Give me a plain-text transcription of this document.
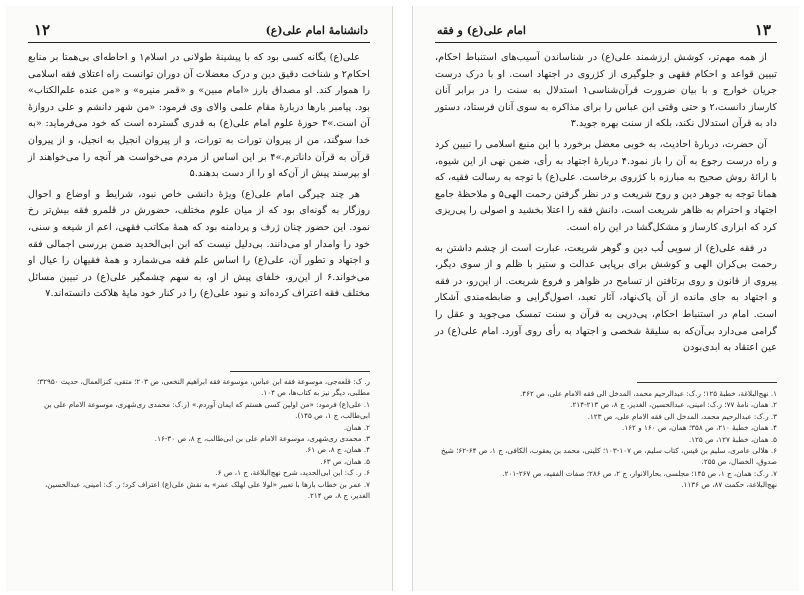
۱۲	دانشنامهٔ امام علی(ع)

علی(ع) یگانه کسی بود که با پیشینهٔ طولانی در اسلام۱ و احاطه‌ای بی‌همتا بر منابع احکام۲ و شناخت دقیق دین و درک معضلات آن دوران توانست راه اعتلای فقه اسلامی را هموار کند. او مصداق بارز «امام مبین» و «قمر منیره» و «من عنده علم‌الکتاب» بود. پیامبر بارها دربارهٔ مقام علمی والای وی فرمود: «من شهر دانشم و علی دروازهٔ آن است.»۳ حوزهٔ علوم امام علی(ع) به قدری گسترده است که خود می‌فرماید: «به خدا سوگند، من از پیروان تورات به تورات، و از پیروان انجیل به انجیل، و از پیروان قرآن به قرآن داناترم.»۴ بر این اساس از مردم می‌خواست هر آنچه را می‌خواهند از او بپرسند پیش از آن‌که او را از دست بدهند.۵

هر چند چیرگی امام علی(ع) ویژهٔ دانشی خاص نبود، شرایط و اوضاع و احوال روزگار به گونه‌ای بود که از میان علوم مختلف، حضورش در قلمرو فقه بیش‌تر رخ نمود. این حضور چنان ژرف و پردامنه بود که همهٔ مکاتب فقهی، اعم از شیعه و سنی، خود را وامدار او می‌دانند. بی‌دلیل نیست که ابن ابی‌الحدید ضمن بررسی اجمالی فقه و اجتهاد و تطور آن، علی(ع) را اساس علم فقه می‌شمارد و همهٔ فقیهان را عیال او می‌خواند.۶ از این‌رو، خلفای پیش از او، به سهم چشمگیر علی(ع) در تبیین مسائل مختلف فقه اعتراف کرده‌اند و نبود علی(ع) را در کنار خود مایهٔ هلاکت دانسته‌اند.۷

ر. ک: قلعه‌جی، موسوعة فقه ابن عباس، موسوعة فقه ابراهیم النخعی، ص ۲۰۳؛ متقی، کنزالعمال، حدیث ۳۲۹۵۰؛ مطلبی، دیگر نیز به کتاب‌ها، ص ۱۰۴.
۱. علی(ع) فرمود: «من اولین کسی هستم که ایمان آوردم.» (ر.ک: محمدی ری‌شهری، موسوعة الامام علی بن ابی‌طالب، ج ۱، ص ۱۴۵).
۲. همان.
۳. محمدی ری‌شهری، موسوعة الامام علی بن ابی‌طالب، ج ۸، ص ۳۰-۱۶.
۴. همان، ج ۸، ص ۶۱.
۵. همان، ص ۶۳.
۶. ر. ک: ابن ابی‌الحدید، شرح نهج‌البلاغة، ج ۱، ص ۶.
۷. عمر بن خطاب بارها با تعبیر «لولا علی لهلک عمر» به نقش علی(ع) اعتراف کرد؛ ر. ک: امینی، عبدالحسین، الغدیر، ج ۸، ص ۲۱۴.
۱۳
امام علی(ع) و فقه

از همه مهم‌تر، کوشش ارزشمند علی(ع) در شناساندن آسیب‌های استنباط احکام، تبیین قواعد و احکام فقهی و جلوگیری از کژروی در اجتهاد است. او با درک درست جریان خوارج و با بیان ضرورت قرآن‌شناسی۱ استدلال به سنت را در برابر آنان کارساز دانست،۲ و حتی وقتی ابن عباس را برای مذاکره به سوی آنان فرستاد، دستور داد به قرآن استدلال نکند، بلکه از سنت بهره جوید.۳

آن حضرت، دربارهٔ احادیث، به خوبی معضل برخورد با این منبع اسلامی را تبیین کرد و راه درست رجوع به آن را باز نمود.۴ دربارهٔ اجتهاد به رأی، ضمن نهی از این شیوه، با ارائهٔ روش صحیح به مبارزه با کژروی برخاست. علی(ع) با توجه به رسالت فقیه، که همانا توجه به جوهر دین و روح شریعت و در نظر گرفتن رحمت الهی۵ و ملاحظهٔ جامع اجتهاد و احترام به ظاهر شریعت است، دانش فقه را اعتلا بخشید و اصولی را پی‌ریزی کرد که ابزاری کارساز و مشکل‌گشا در این راه است.

در فقه علی(ع) از سویی لُب دین و گوهر شریعت، عبارت است از چشم داشتن به رحمت بی‌کران الهی و کوشش برای برپایی عدالت و ستیز با ظلم و از سوی دیگر، پیروی از قانون و روی برتافتن از تسامح در ظواهر و فروع شریعت. از این‌رو، در فقه و اجتهاد به جای مانده از آن پاک‌نهاد، آثار تعبد، اصول‌گرایی و ضابطه‌مندی آشکار است. امام در استنباط احکام، پی‌درپی به قرآن و سنت تمسک می‌جوید و عقل را گرامی می‌دارد بی‌آن‌که به سلیقهٔ شخصی و اجتهاد به رأی روی آورد. امام علی(ع) در عین اعتقاد به ابدی‌بودن

۱. نهج‌البلاغة، خطبهٔ ۱۲۵؛ ر.ک: عبدالرحیم محمد، المدخل الی فقه الامام علی، ص ۴۶۲.
۲. همان، نامهٔ ۷۷؛ ر.ک: امینی، عبدالحسین، الغدیر، ج ۸، ص ۲۱۳-۲۱۴.
۳. ر.ک: عبدالرحیم محمد، المدخل الی فقه الامام علی، ص ۱۲۳.
۴. همان، خطبهٔ ۲۱۰، ص ۳۵۸؛ همان، ص ۱۶۰ و ۱۶۲.
۵. همان، خطبهٔ ۱۲۷، ص ۱۲۵.
۶. هلالی عامری، سلیم بن قیس، کتاب سلیم، ص ۱۰۷-۱۰۳؛ کلینی، محمد بن یعقوب، الکافی، ج ۱، ص ۶۴-۶۲؛ شیخ صدوق، الخصال، ص ۲۵۵.
۷. ر.ک: همان، ج ۱، ص ۱۴۵؛ مجلسی، بحارالانوار، ج ۲، ص ۲۸۶؛ صفات الفقیه، ص ۲۶۷-۲۰۱.
نهج‌البلاغة، حکمت ۸۷، ص ۱۱۳۶.
